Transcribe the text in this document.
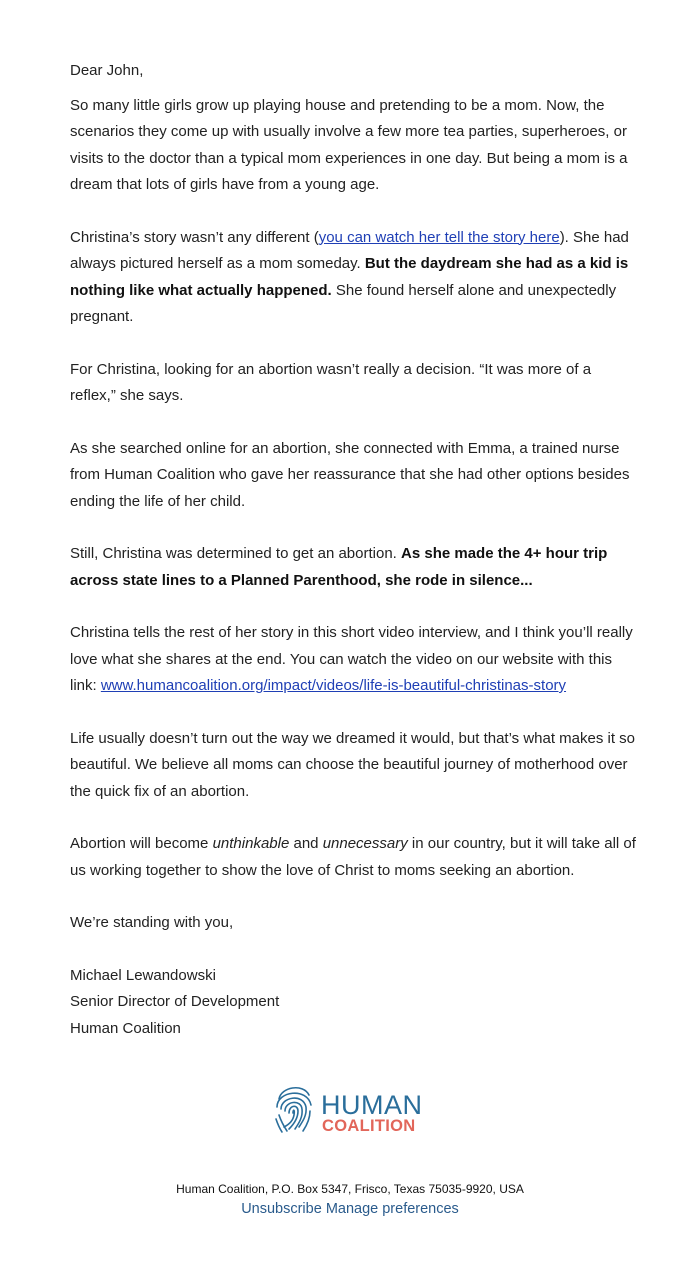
Dear John,

So many little girls grow up playing house and pretending to be a mom. Now, the scenarios they come up with usually involve a few more tea parties, superheroes, or visits to the doctor than a typical mom experiences in one day. But being a mom is a dream that lots of girls have from a young age.

Christina’s story wasn’t any different (you can watch her tell the story here). She had always pictured herself as a mom someday. But the daydream she had as a kid is nothing like what actually happened. She found herself alone and unexpectedly pregnant.

For Christina, looking for an abortion wasn’t really a decision. “It was more of a reflex,” she says.

As she searched online for an abortion, she connected with Emma, a trained nurse from Human Coalition who gave her reassurance that she had other options besides ending the life of her child.

Still, Christina was determined to get an abortion. As she made the 4+ hour trip across state lines to a Planned Parenthood, she rode in silence...

Christina tells the rest of her story in this short video interview, and I think you’ll really love what she shares at the end. You can watch the video on our website with this link: www.humancoalition.org/impact/videos/life-is-beautiful-christinas-story

Life usually doesn’t turn out the way we dreamed it would, but that’s what makes it so beautiful. We believe all moms can choose the beautiful journey of motherhood over the quick fix of an abortion.

Abortion will become unthinkable and unnecessary in our country, but it will take all of us working together to show the love of Christ to moms seeking an abortion.

We’re standing with you,

Michael Lewandowski
Senior Director of Development
Human Coalition

HUMAN
COALITION
Human Coalition, P.O. Box 5347, Frisco, Texas 75035-9920, USA
Unsubscribe Manage preferences
